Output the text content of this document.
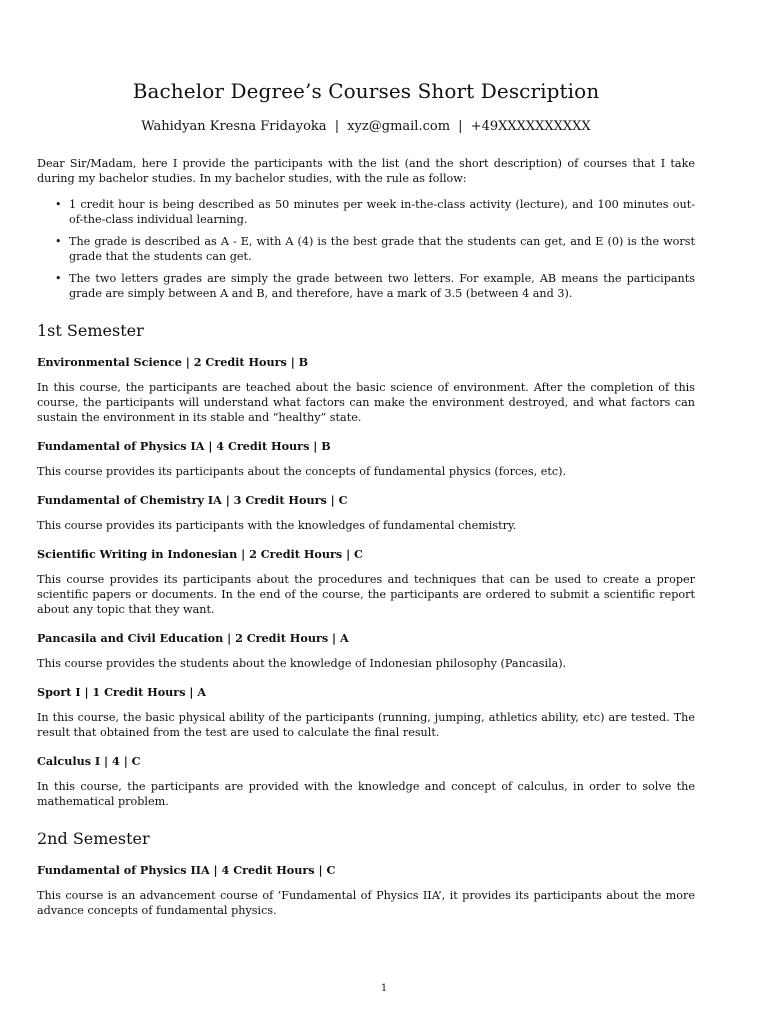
Bachelor Degree’s Courses Short Description
Wahidyan Kresna Fridayoka | xyz@gmail.com | +49XXXXXXXXXX

Dear Sir/Madam, here I provide the participants with the list (and the short description) of courses that I take during my bachelor studies. In my bachelor studies, with the rule as follow:

• 1 credit hour is being described as 50 minutes per week in-the-class activity (lecture), and 100 minutes out-of-the-class individual learning.
• The grade is described as A - E, with A (4) is the best grade that the students can get, and E (0) is the worst grade that the students can get.
• The two letters grades are simply the grade between two letters. For example, AB means the participants grade are simply between A and B, and therefore, have a mark of 3.5 (between 4 and 3).
1st Semester
Environmental Science | 2 Credit Hours | B
In this course, the participants are teached about the basic science of environment. After the completion of this course, the participants will understand what factors can make the environment destroyed, and what factors can sustain the environment in its stable and “healthy” state.
Fundamental of Physics IA | 4 Credit Hours | B
This course provides its participants about the concepts of fundamental physics (forces, etc).
Fundamental of Chemistry IA | 3 Credit Hours | C
This course provides its participants with the knowledges of fundamental chemistry.
Scientific Writing in Indonesian | 2 Credit Hours | C
This course provides its participants about the procedures and techniques that can be used to create a proper scientific papers or documents. In the end of the course, the participants are ordered to submit a scientific report about any topic that they want.
Pancasila and Civil Education | 2 Credit Hours | A
This course provides the students about the knowledge of Indonesian philosophy (Pancasila).
Sport I | 1 Credit Hours | A
In this course, the basic physical ability of the participants (running, jumping, athletics ability, etc) are tested. The result that obtained from the test are used to calculate the final result.
Calculus I | 4 | C
In this course, the participants are provided with the knowledge and concept of calculus, in order to solve the mathematical problem.
2nd Semester
Fundamental of Physics IIA | 4 Credit Hours | C
This course is an advancement course of ’Fundamental of Physics IIA’, it provides its participants about the more advance concepts of fundamental physics.
1
